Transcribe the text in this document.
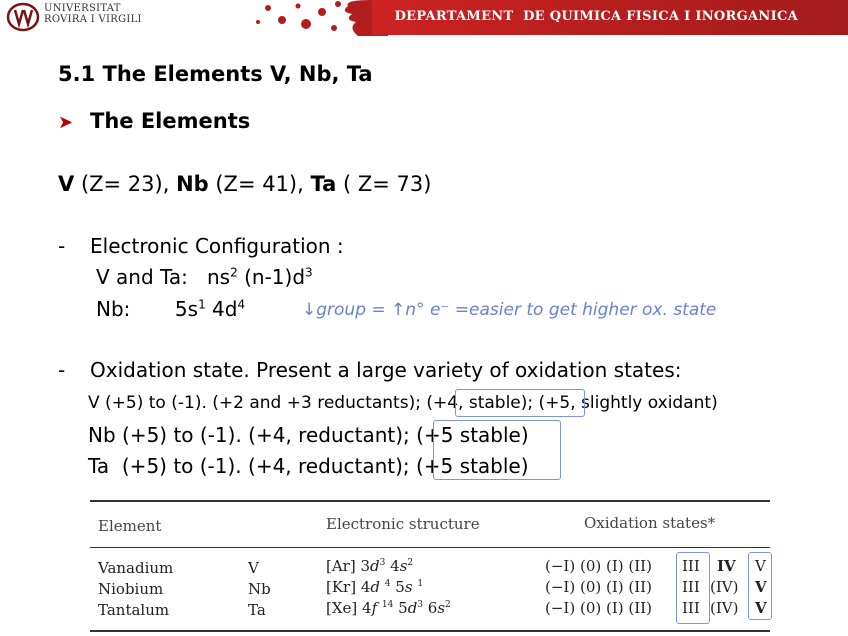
UNIVERSITAT
ROVIRA I VIRGILI	DEPARTAMENT  DE QUIMICA FISICA I INORGANICA
5.1 The Elements V, Nb, Ta
➤ The Elements
V (Z= 23), Nb (Z= 41), Ta ( Z= 73)
- Electronic Configuration :
V and Ta:   $ns^2$ $(n-1)d^3$
Nb:       $5s^1$ $4d^4$	↓group = ↑n° e⁻ =easier to get higher ox. state
- Oxidation state. Present a large variety of oxidation states:
V (+5) to (-1). (+2 and +3 reductants); (+4, stable); (+5, slightly oxidant)
Nb (+5) to (-1). (+4, reductant); (+5 stable)
Ta  (+5) to (-1). (+4, reductant); (+5 stable)
Element	Electronic structure	Oxidation states*
Vanadium	V	[Ar] $3d^3$ $4s^2$	(−I) (0) (I) (II) III IV V
Niobium	Nb	[Kr] 4d $^4$ 5s $^1$	(−I) (0) (I) (II) III (IV) V
Tantalum	Ta	[Xe] 4f $^{14}$ $5d^3$ $6s^2$	(−I) (0) (I) (II) III (IV) V
